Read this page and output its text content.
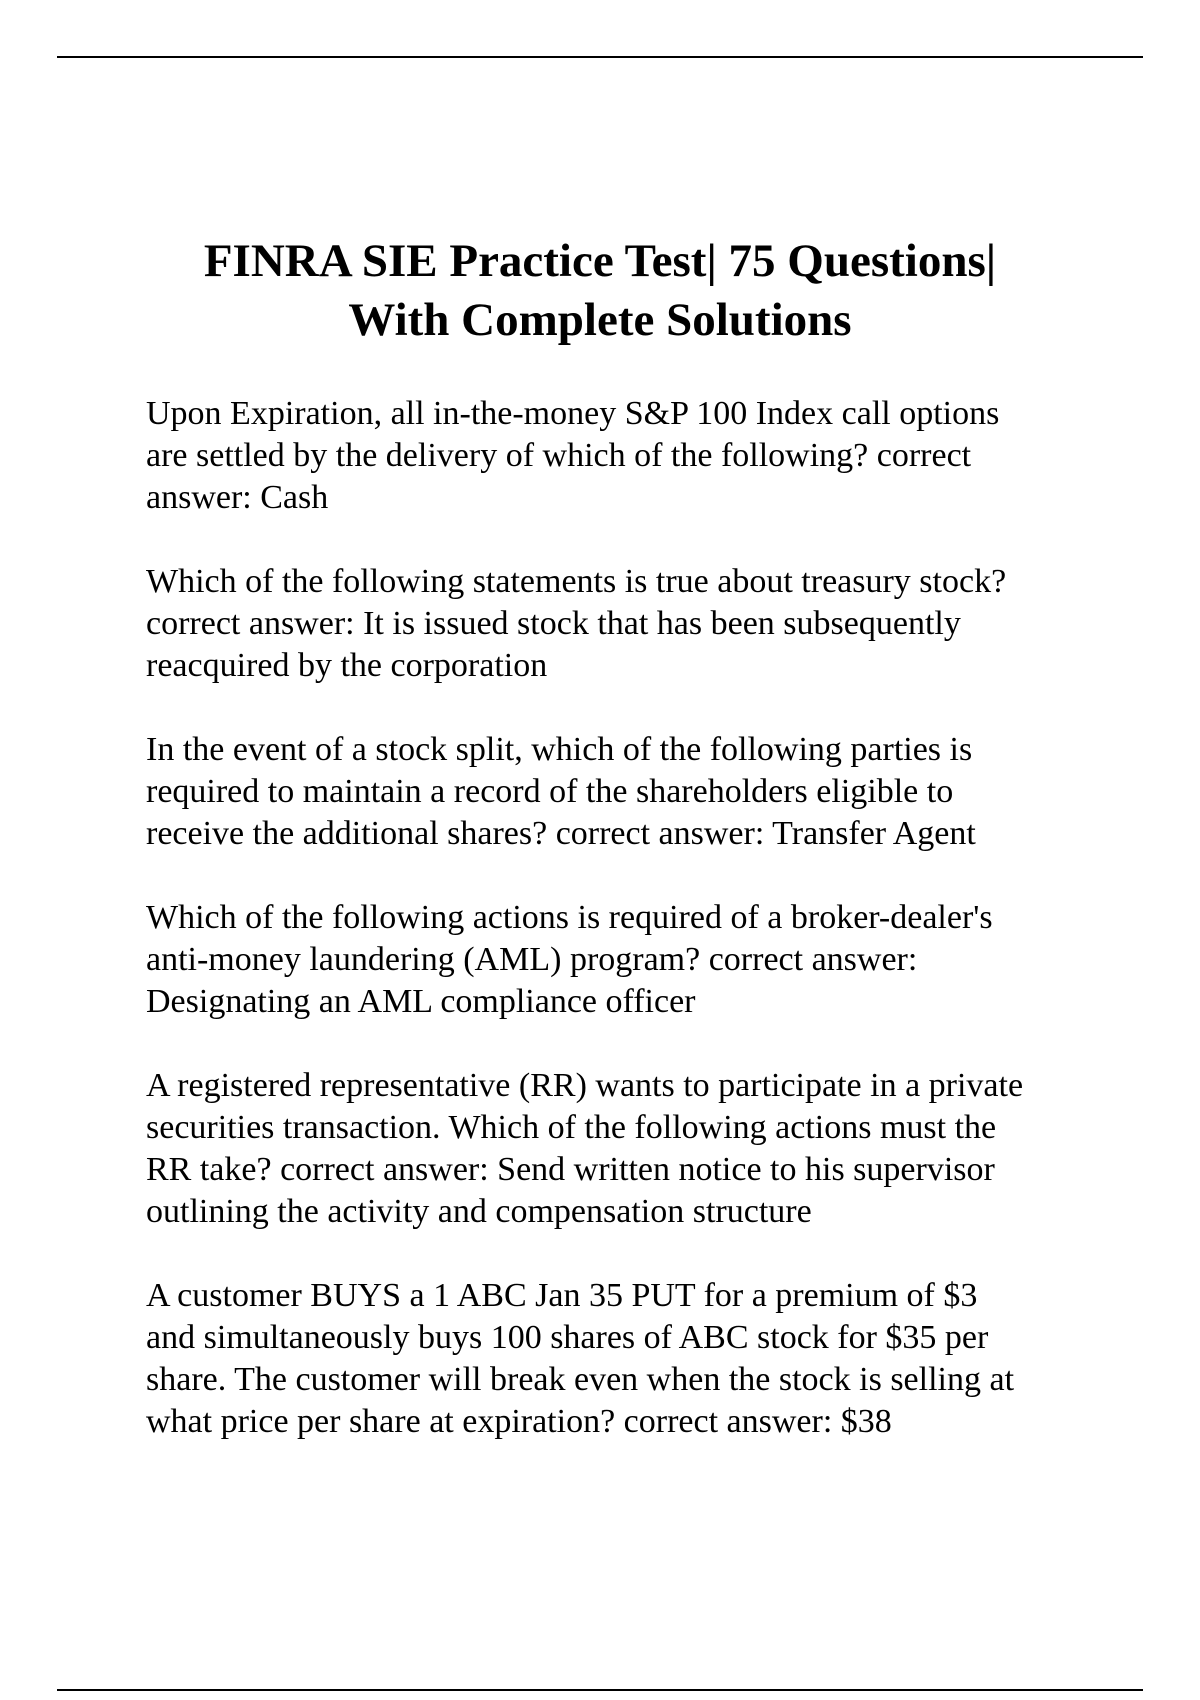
FINRA SIE Practice Test| 75 Questions|
With Complete Solutions
Upon Expiration, all in-the-money S&P 100 Index call options
are settled by the delivery of which of the following? correct
answer: Cash
Which of the following statements is true about treasury stock?
correct answer: It is issued stock that has been subsequently
reacquired by the corporation
In the event of a stock split, which of the following parties is
required to maintain a record of the shareholders eligible to
receive the additional shares? correct answer: Transfer Agent
Which of the following actions is required of a broker-dealer's
anti-money laundering (AML) program? correct answer:
Designating an AML compliance officer
A registered representative (RR) wants to participate in a private
securities transaction. Which of the following actions must the
RR take? correct answer: Send written notice to his supervisor
outlining the activity and compensation structure
A customer BUYS a 1 ABC Jan 35 PUT for a premium of $3
and simultaneously buys 100 shares of ABC stock for $35 per
share. The customer will break even when the stock is selling at
what price per share at expiration? correct answer: $38
